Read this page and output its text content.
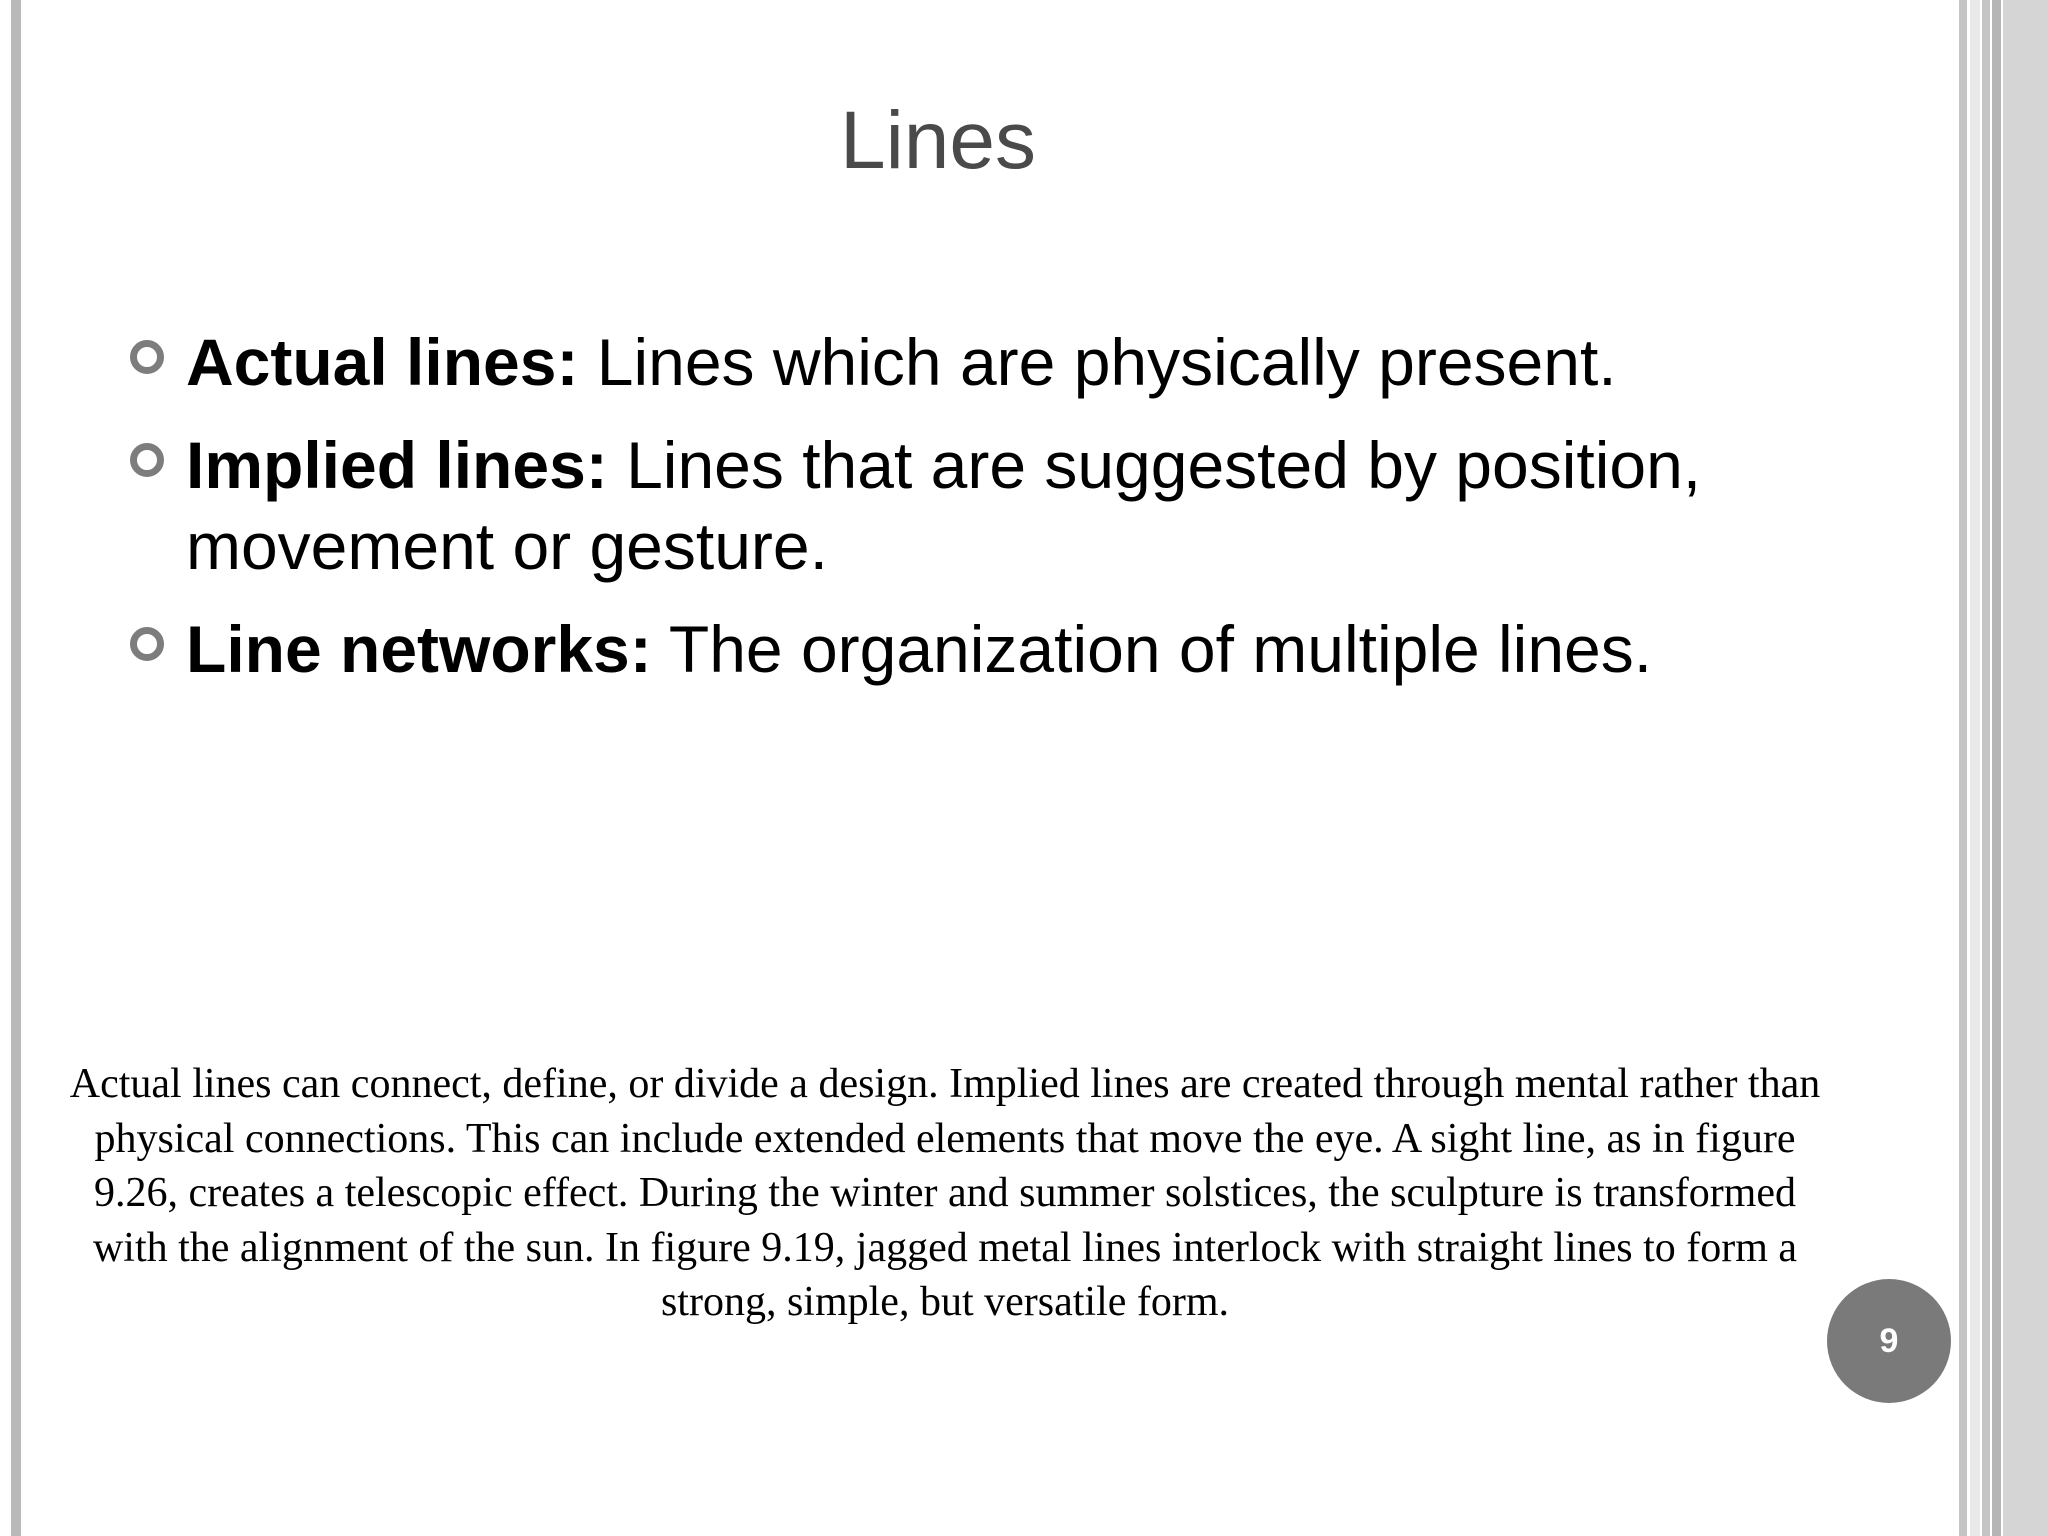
Lines
Actual lines: Lines which are physically present.
Implied lines: Lines that are suggested by position, movement or gesture.
Line networks: The organization of multiple lines.

Actual lines can connect, define, or divide a design. Implied lines are created through mental rather than physical connections. This can include extended elements that move the eye. A sight line, as in figure 9.26, creates a telescopic effect. During the winter and summer solstices, the sculpture is transformed with the alignment of the sun. In figure 9.19, jagged metal lines interlock with straight lines to form a strong, simple, but versatile form.

9
